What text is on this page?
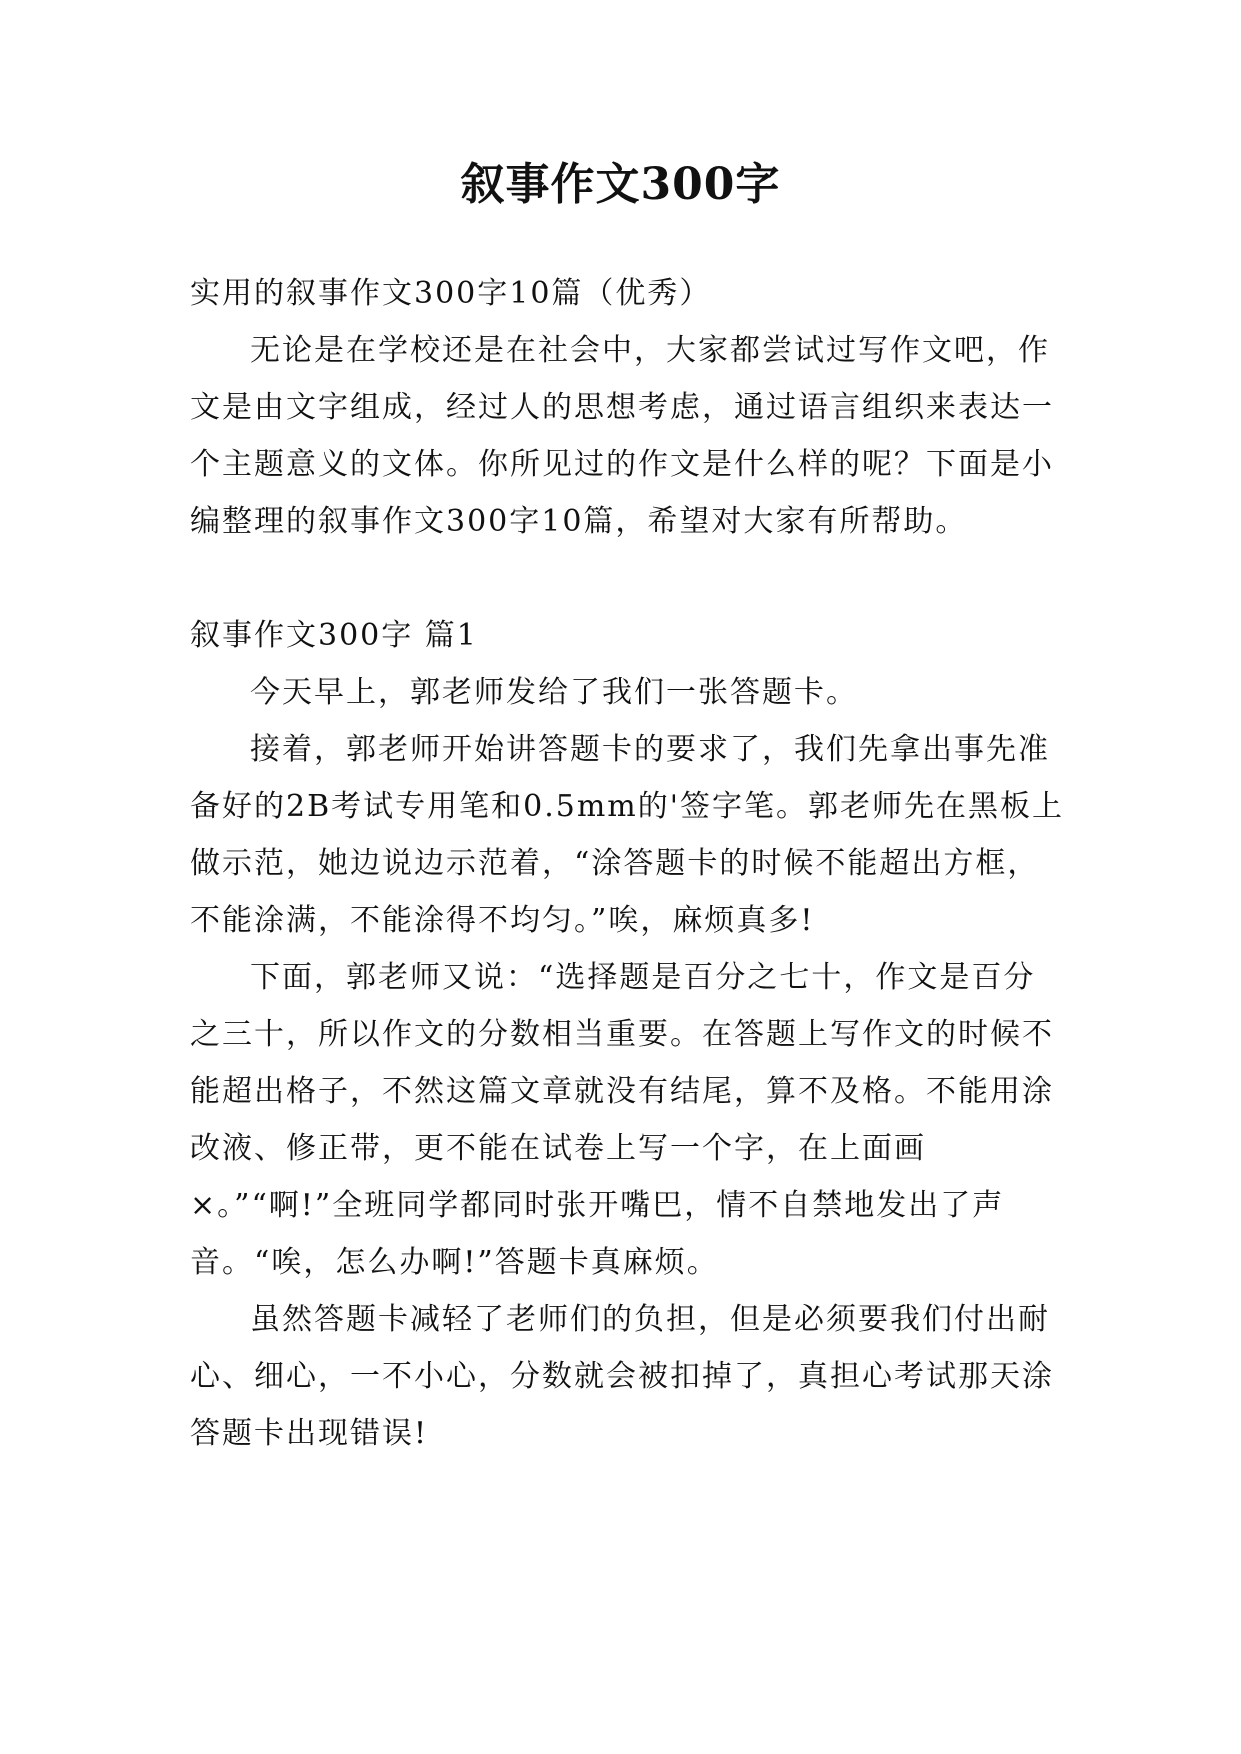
叙事作文300字

实用的叙事作文300字10篇（优秀）

无论是在学校还是在社会中，大家都尝试过写作文吧，作文是由文字组成，经过人的思想考虑，通过语言组织来表达一个主题意义的文体。你所见过的作文是什么样的呢？下面是小编整理的叙事作文300字10篇，希望对大家有所帮助。

叙事作文300字 篇1

今天早上，郭老师发给了我们一张答题卡。

接着，郭老师开始讲答题卡的要求了，我们先拿出事先准备好的2B考试专用笔和0.5mm的'签字笔。郭老师先在黑板上做示范，她边说边示范着，“涂答题卡的时候不能超出方框，不能涂满，不能涂得不均匀。”唉，麻烦真多!

下面，郭老师又说：“选择题是百分之七十，作文是百分之三十，所以作文的分数相当重要。在答题上写作文的时候不能超出格子，不然这篇文章就没有结尾，算不及格。不能用涂改液、修正带，更不能在试卷上写一个字，在上面画×。”“啊!”全班同学都同时张开嘴巴，情不自禁地发出了声音。“唉，怎么办啊!”答题卡真麻烦。

虽然答题卡减轻了老师们的负担，但是必须要我们付出耐心、细心，一不小心，分数就会被扣掉了，真担心考试那天涂答题卡出现错误!
